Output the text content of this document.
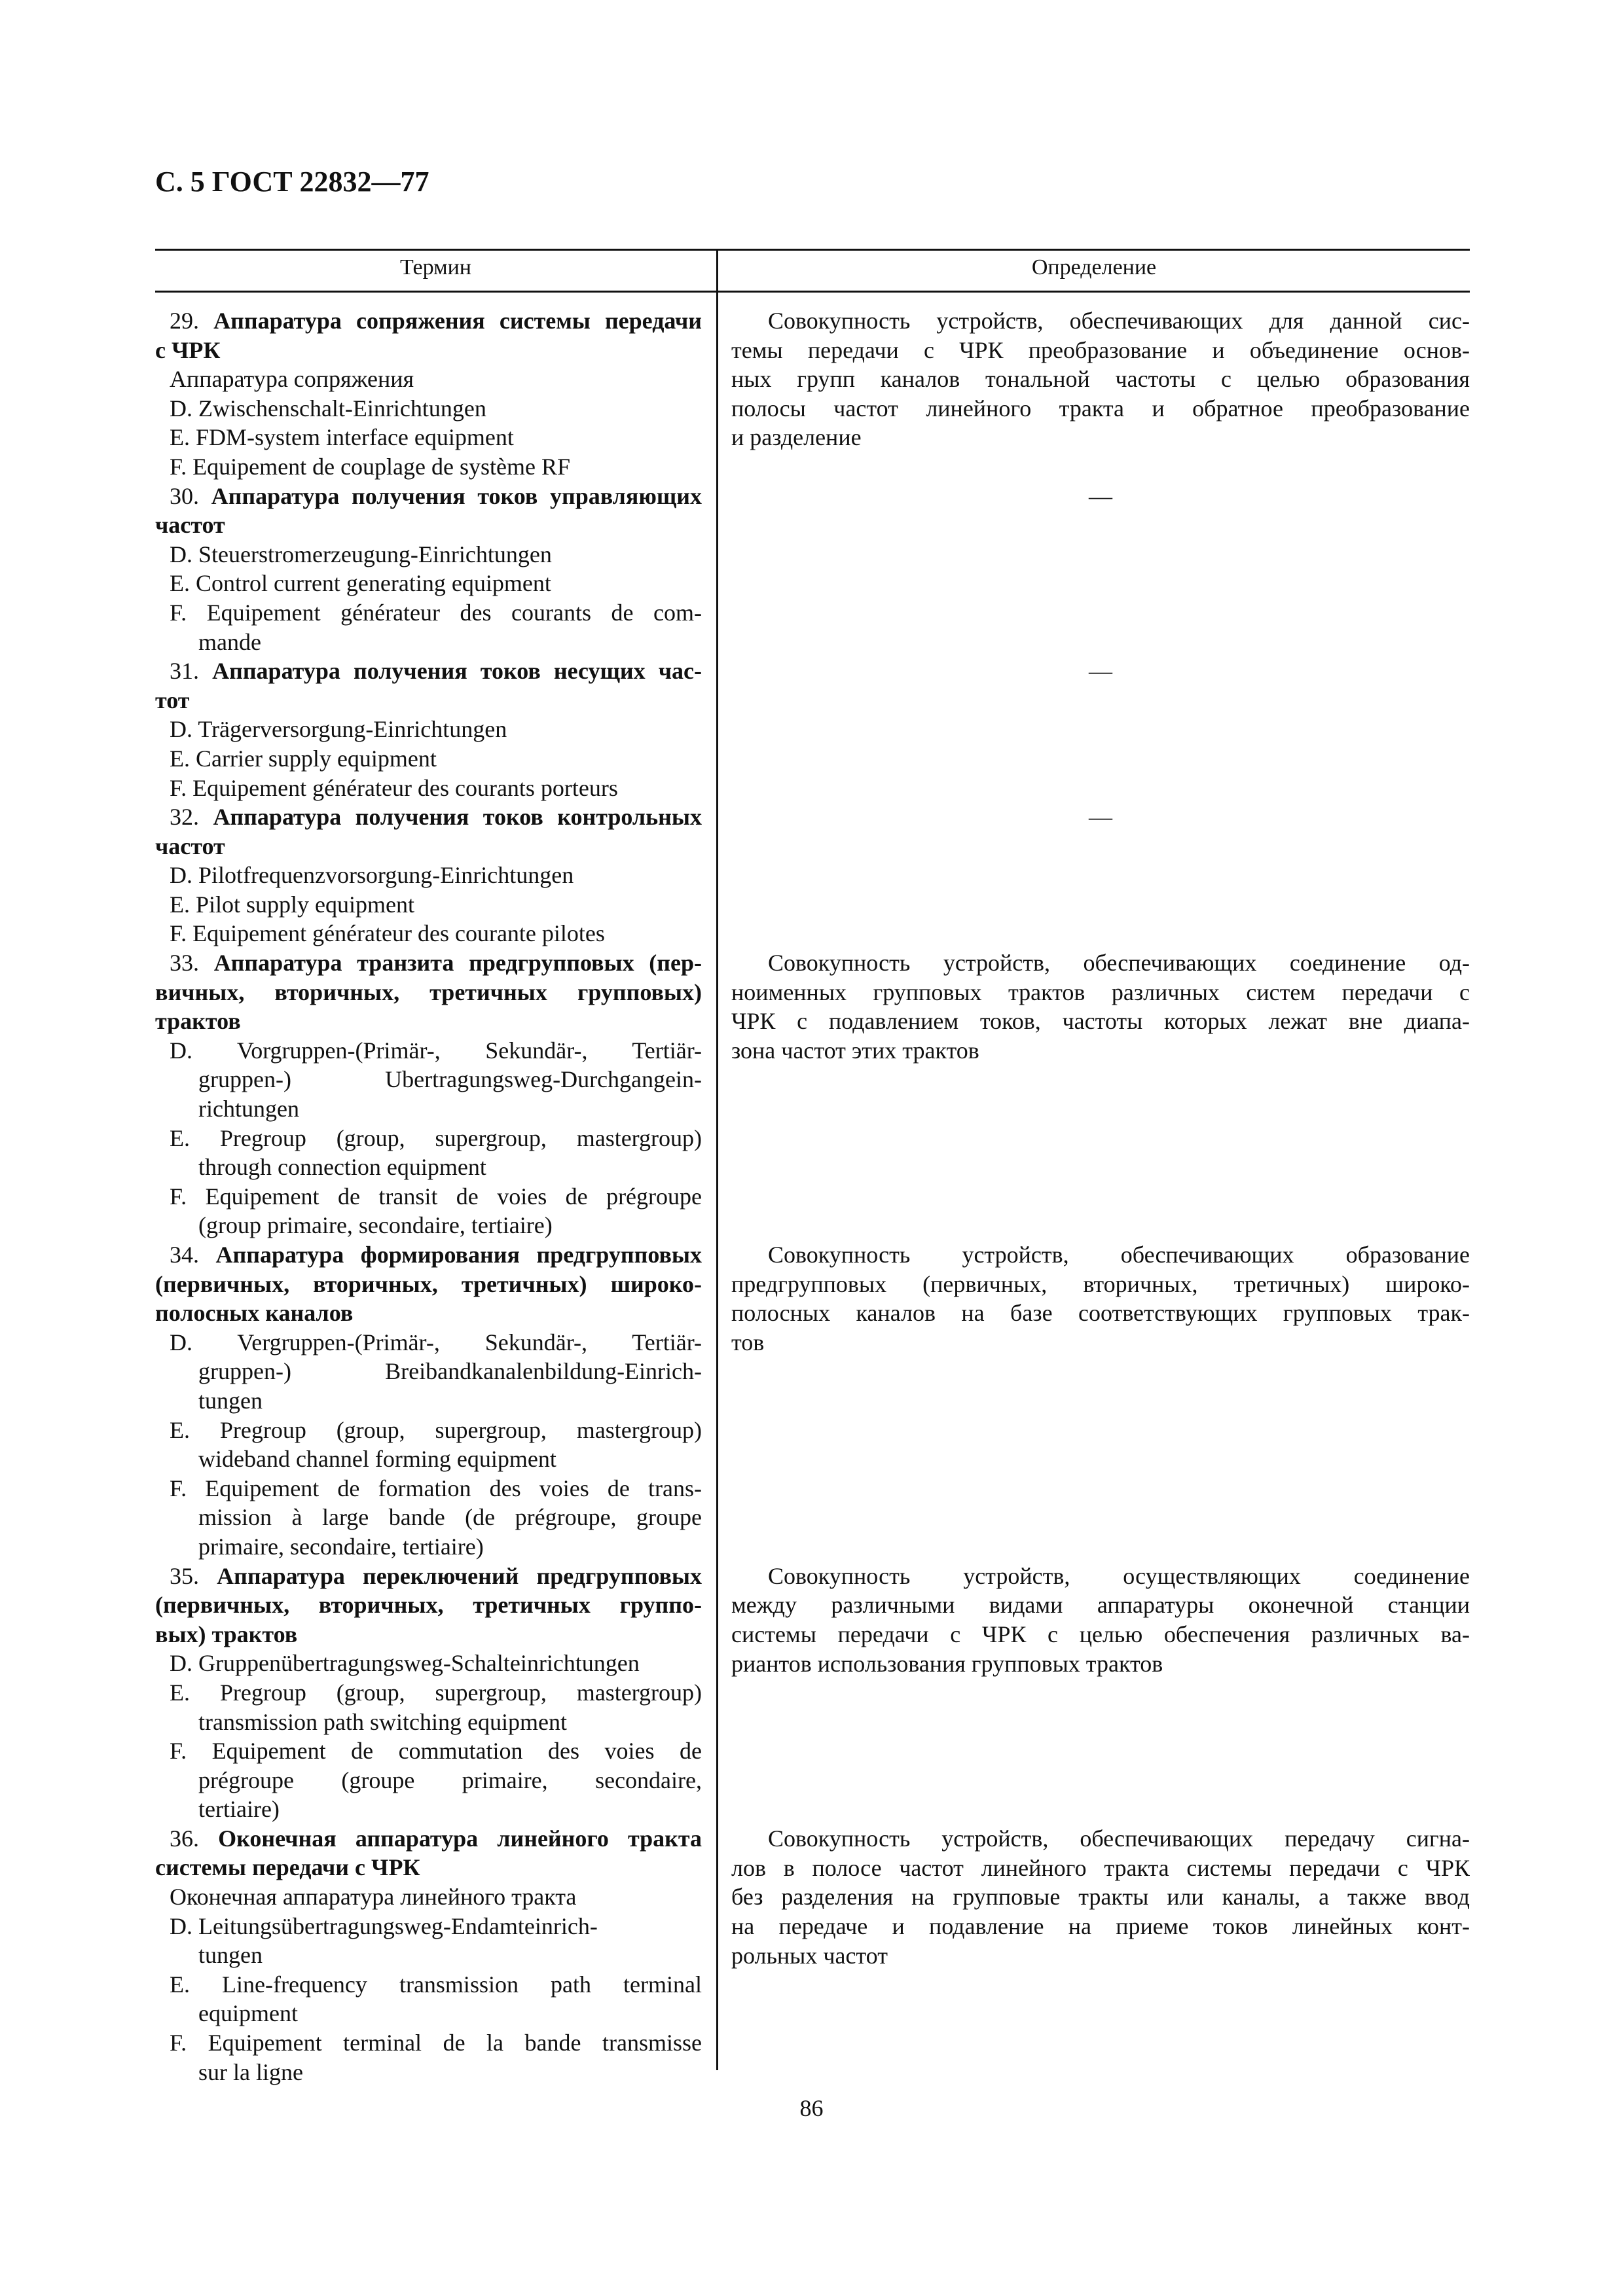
С. 5 ГОСТ 22832—77
Термин	Определение
29. Аппаратура сопряжения системы передачи
с ЧРК
Аппаратура сопряжения
D. Zwischenschalt-Einrichtungen
E. FDM-system interface equipment
F. Equipement de couplage de système RF
30. Аппаратура получения токов управляющих
частот
D. Steuerstromerzeugung-Einrichtungen
E. Control current generating equipment
F. Equipement générateur des courants de com-
mande
31. Аппаратура получения токов несущих час-
тот
D. Trägerversorgung-Einrichtungen
E. Carrier supply equipment
F. Equipement générateur des courants porteurs
32. Аппаратура получения токов контрольных
частот
D. Pilotfrequenzvorsorgung-Einrichtungen
E. Pilot supply equipment
F. Equipement générateur des courante pilotes
33. Аппаратура транзита предгрупповых (пер-
вичных, вторичных, третичных групповых)
трактов
D. Vorgruppen-(Primär-, Sekundär-, Tertiär-
gruppen-) Ubertragungsweg-Durchgangein-
richtungen
E. Pregroup (group, supergroup, mastergroup)
through connection equipment
F. Equipement de transit de voies de prégroupe
(group primaire, secondaire, tertiaire)
34. Аппаратура формирования предгрупповых
(первичных, вторичных, третичных) широко-
полосных каналов
D. Vergruppen-(Primär-, Sekundär-, Tertiär-
gruppen-) Breibandkanalenbildung-Einrich-
tungen
E. Pregroup (group, supergroup, mastergroup)
wideband channel forming equipment
F. Equipement de formation des voies de trans-
mission à large bande (de prégroupe, groupe
primaire, secondaire, tertiaire)
35. Аппаратура переключений предгрупповых
(первичных, вторичных, третичных группо-
вых) трактов
D. Gruppenübertragungsweg-Schalteinrichtungen
E. Pregroup (group, supergroup, mastergroup)
transmission path switching equipment
F. Equipement de commutation des voies de
prégroupe (groupe primaire, secondaire,
tertiaire)
36. Оконечная аппаратура линейного тракта
системы передачи с ЧРК
Оконечная аппаратура линейного тракта
D. Leitungsübertragungsweg-Endamteinrich-
tungen
E. Line-frequency transmission path terminal
equipment
F. Equipement terminal de la bande transmisse
sur la ligne
Совокупность устройств, обеспечивающих для данной сис-
темы передачи с ЧРК преобразование и объединение основ-
ных групп каналов тональной частоты с целью образования
полосы частот линейного тракта и обратное преобразование
и разделение
—
—
—
Совокупность устройств, обеспечивающих соединение од-
ноименных групповых трактов различных систем передачи с
ЧРК с подавлением токов, частоты которых лежат вне диапа-
зона частот этих трактов
Совокупность устройств, обеспечивающих образование
предгрупповых (первичных, вторичных, третичных) широко-
полосных каналов на базе соответствующих групповых трак-
тов
Совокупность устройств, осуществляющих соединение
между различными видами аппаратуры оконечной станции
системы передачи с ЧРК с целью обеспечения различных ва-
риантов использования групповых трактов
Совокупность устройств, обеспечивающих передачу сигна-
лов в полосе частот линейного тракта системы передачи с ЧРК
без разделения на групповые тракты или каналы, а также ввод
на передаче и подавление на приеме токов линейных конт-
рольных частот
86
